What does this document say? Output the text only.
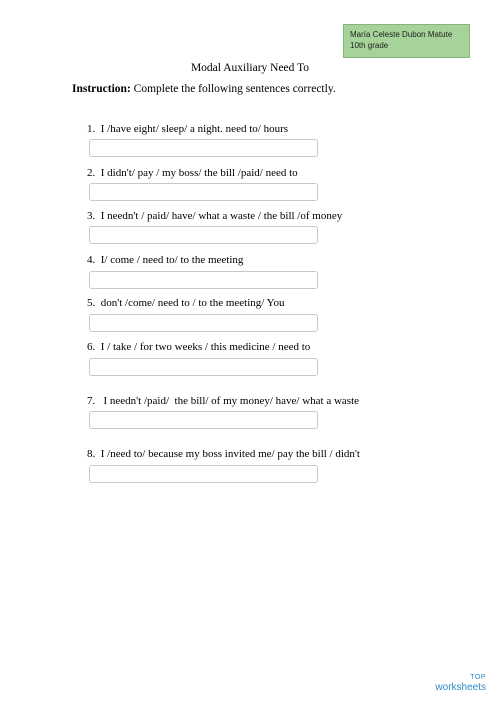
María Celeste Dubon Matute
10th grade
Modal Auxiliary Need To
Instruction: Complete the following sentences correctly.
1. I /have eight/ sleep/ a night. need to/ hours
2. I didn't/ pay / my boss/ the bill /paid/ need to
3. I needn't / paid/ have/ what a waste / the bill /of money
4. I/ come / need to/ to the meeting
5. don't /come/ need to / to the meeting/ You
6. I / take / for two weeks / this medicine / need to
7.   I needn't /paid/  the bill/ of my money/ have/ what a waste
8. I /need to/ because my boss invited me/ pay the bill / didn't
TOP
worksheets
